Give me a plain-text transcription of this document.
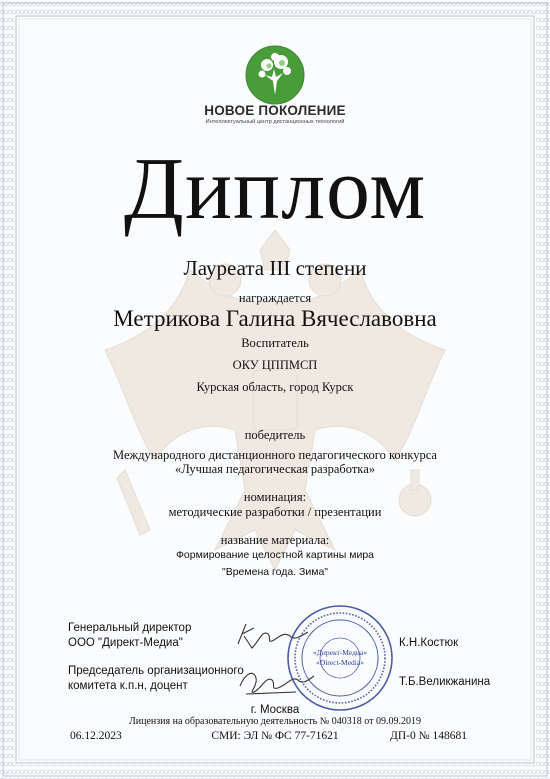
НОВОЕ ПОКОЛЕНИЕ
Интеллектуальный центр дистанционных технологий
Диплом
Лауреата III степени
награждается
Метрикова Галина Вячеславовна
Воспитатель
ОКУ ЦППМСП
Курская область, город Курск
победитель
Международного дистанционного педагогического конкурса
«Лучшая педагогическая разработка»
номинация:
методические разработки / презентации
название материала:
Формирование целостной картины мира
"Времена года. Зима"
Генеральный директор
ООО "Директ-Медиа"
Председатель организационного
комитета к.п.н, доцент
К.Н.Костюк
Т.Б.Великжанина
«Директ-Медиа»
«Direct-Media»
г. Москва
Лицензия на образовательную деятельность № 040318 от 09.09.2019
06.12.2023	СМИ: ЭЛ № ФС 77-71621	ДП-0 № 148681
